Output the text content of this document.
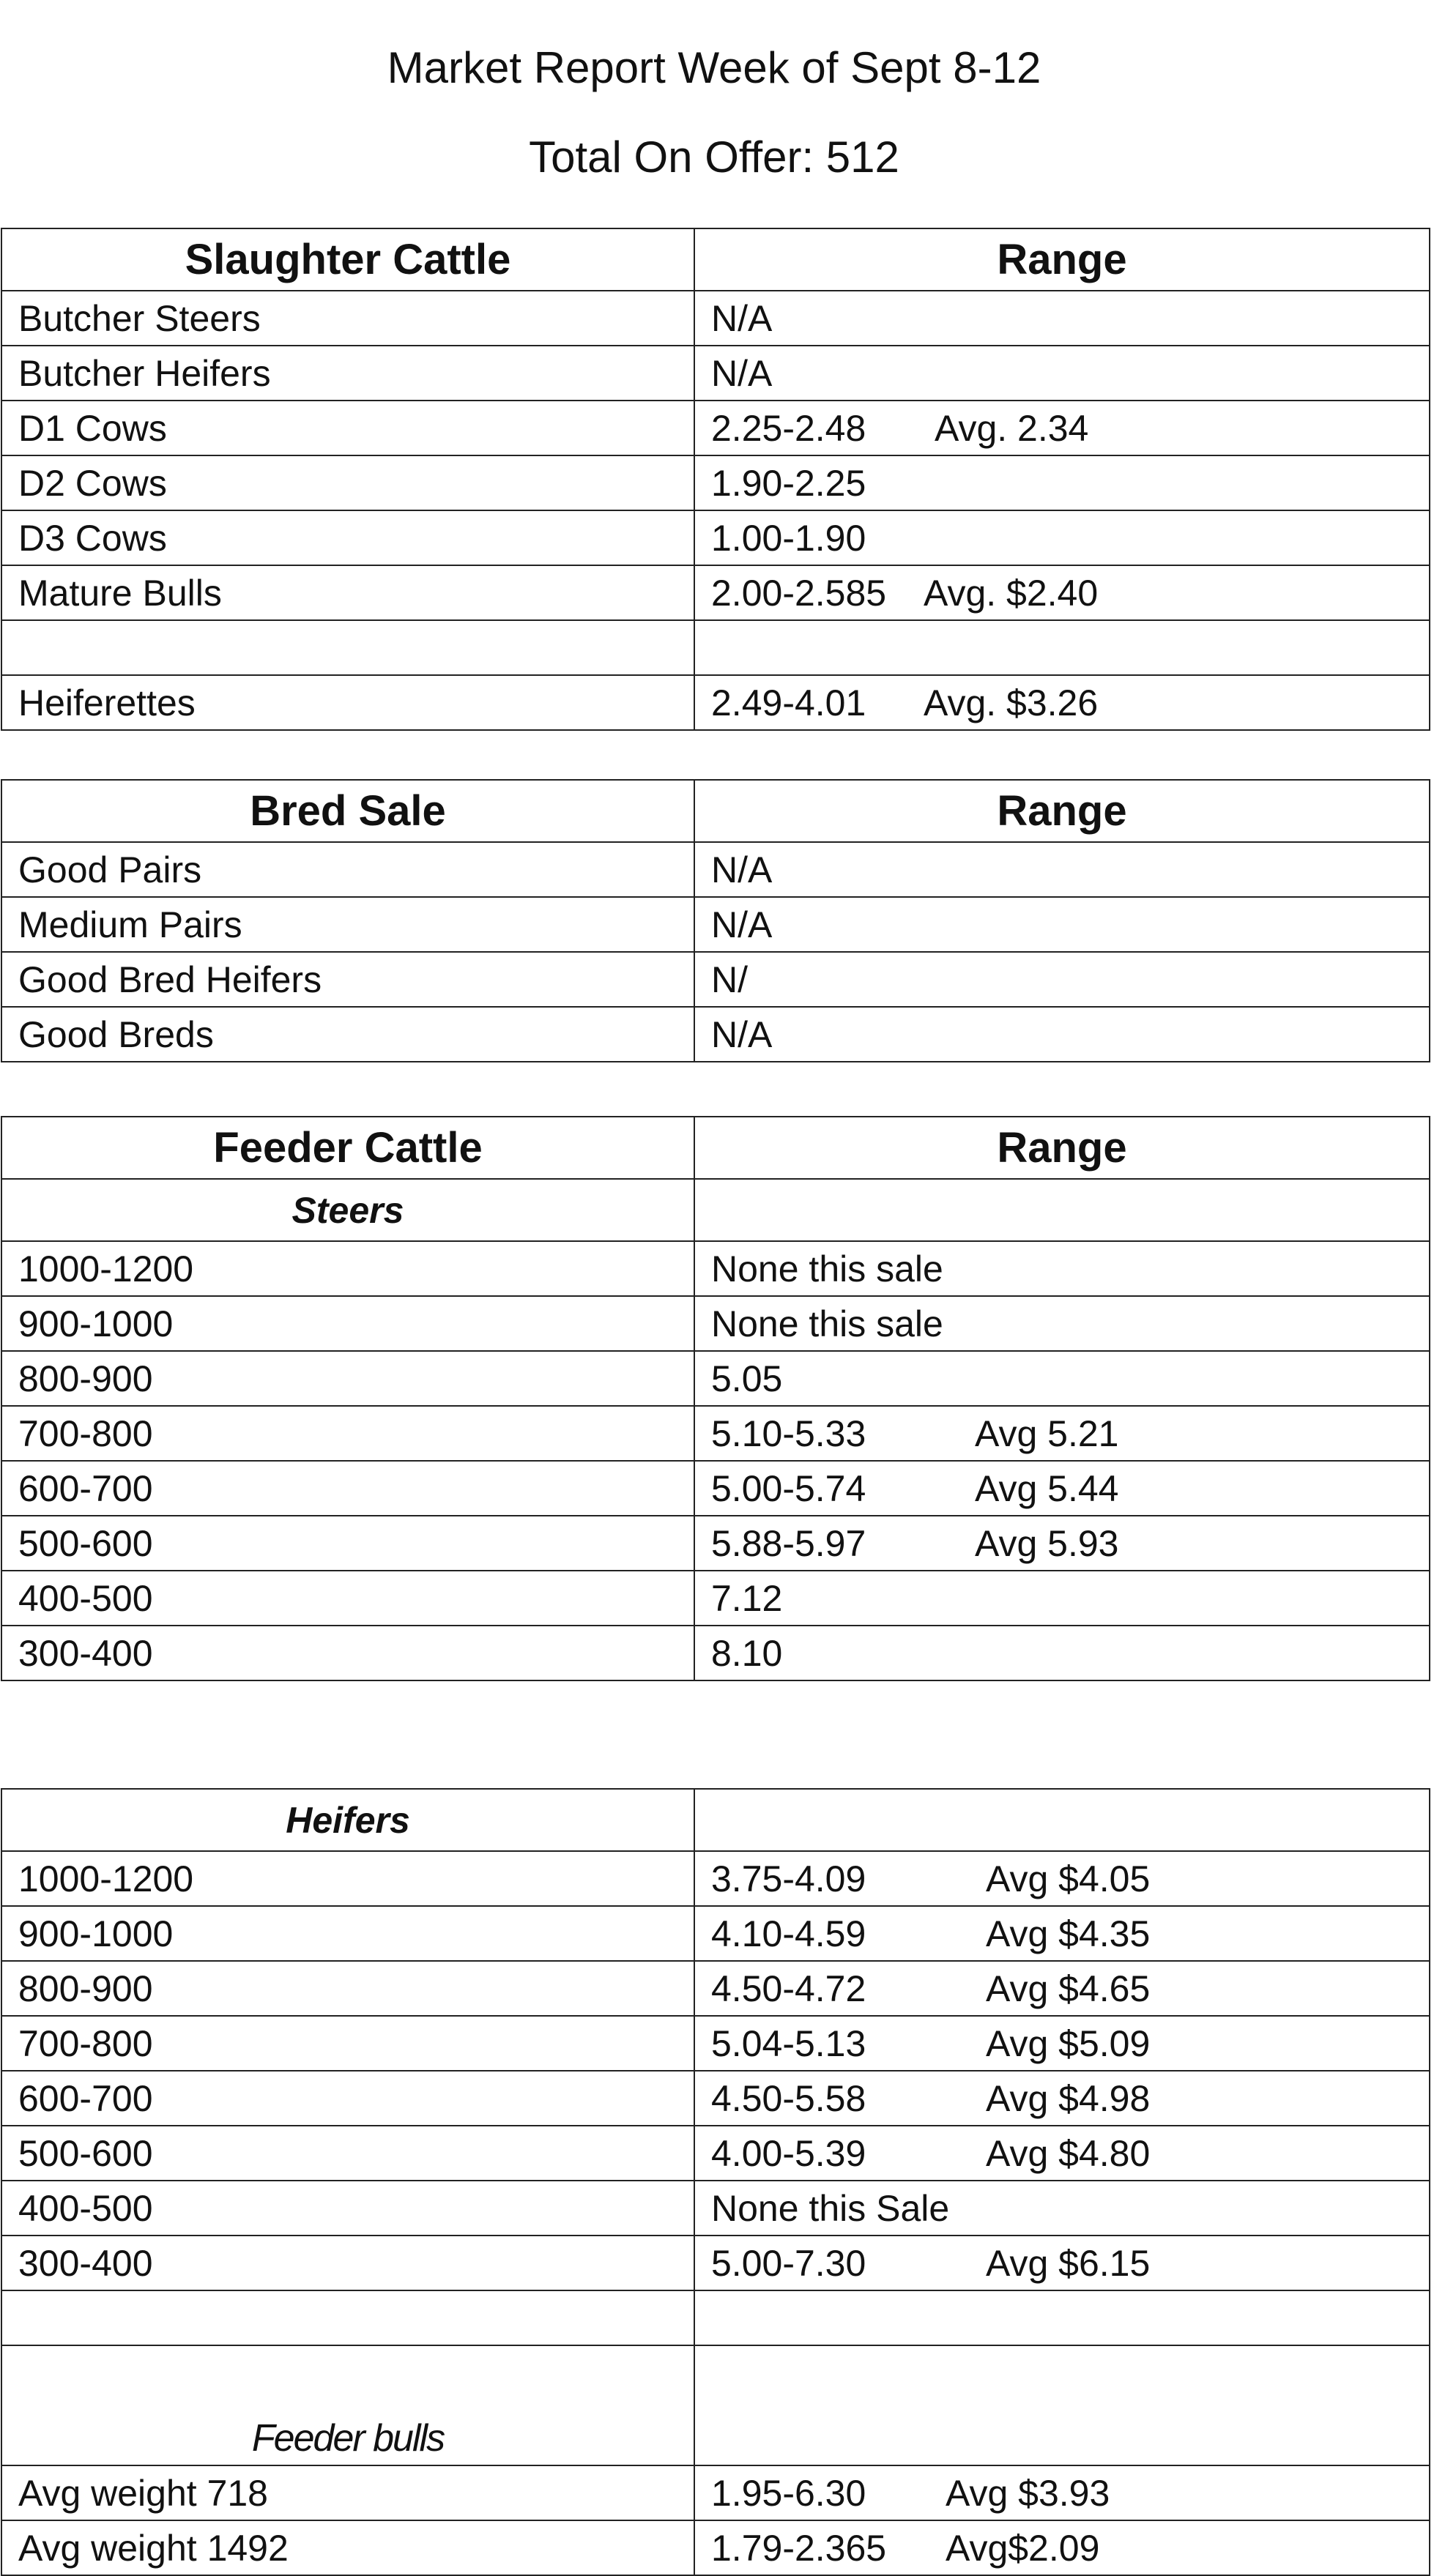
Market Report Week of Sept 8-12
Total On Offer: 512
Slaughter Cattle	Range
Butcher Steers	N/A
Butcher Heifers	N/A
D1 Cows	2.25-2.48 Avg. 2.34
D2 Cows	1.90-2.25
D3 Cows	1.00-1.90
Mature Bulls	2.00-2.585 Avg. $2.40

Heiferettes	2.49-4.01 Avg. $3.26
Bred Sale	Range
Good Pairs	N/A
Medium Pairs	N/A
Good Bred Heifers	N/
Good Breds	N/A
Feeder Cattle	Range
Steers	
1000-1200	None this sale
900-1000	None this sale
800-900	5.05
700-800	5.10-5.33 Avg 5.21
600-700	5.00-5.74 Avg 5.44
500-600	5.88-5.97 Avg 5.93
400-500	7.12
300-400	8.10
Heifers	
1000-1200	3.75-4.09 Avg $4.05
900-1000	4.10-4.59 Avg $4.35
800-900	4.50-4.72 Avg $4.65
700-800	5.04-5.13 Avg $5.09
600-700	4.50-5.58 Avg $4.98
500-600	4.00-5.39 Avg $4.80
400-500	None this Sale
300-400	5.00-7.30 Avg $6.15

Feeder bulls	
Avg weight 718	1.95-6.30 Avg $3.93
Avg weight 1492	1.79-2.365 Avg$2.09
